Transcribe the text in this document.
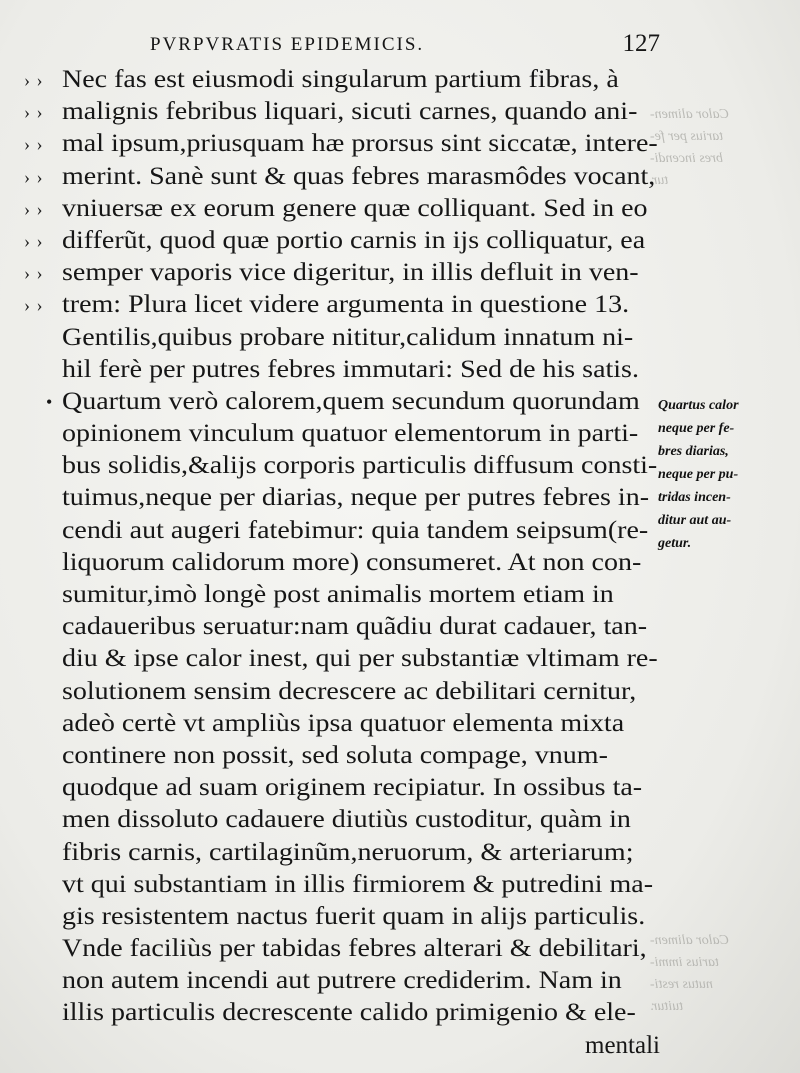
Calor alimen-
tarius per fe-
bres incendi-
tur.
Calor alimen-
tarius immi-
nutus resti-
tuitur.
PVRPVRATIS EPIDEMICIS.	127
› › Nec fas est eiusmodi singularum partium fibras, à
› › malignis febribus liquari, sicuti carnes, quando ani-
› › mal ipsum,priusquam hæ prorsus sint siccatæ, intere-
› › merint. Sanè sunt & quas febres marasmôdes vocant,
› › vniuersæ ex eorum genere quæ colliquant. Sed in eo
› › differũt, quod quæ portio carnis in ijs colliquatur, ea
› › semper vaporis vice digeritur, in illis defluit in ven-
› › trem: Plura licet videre argumenta in questione 13.
Gentilis,quibus probare nititur,calidum innatum ni-
hil ferè per putres febres immutari: Sed de his satis.
• Quartum verò calorem,quem secundum quorundam
opinionem vinculum quatuor elementorum in parti-
bus solidis,&alijs corporis particulis diffusum consti-
tuimus,neque per diarias, neque per putres febres in-
cendi aut augeri fatebimur: quia tandem seipsum(re-
liquorum calidorum more) consumeret. At non con-
sumitur,imò longè post animalis mortem etiam in
cadaueribus seruatur:nam quãdiu durat cadauer, tan-
diu & ipse calor inest, qui per substantiæ vltimam re-
solutionem sensim decrescere ac debilitari cernitur,
adeò certè vt ampliùs ipsa quatuor elementa mixta
continere non possit, sed soluta compage, vnum-
quodque ad suam originem recipiatur. In ossibus ta-
men dissoluto cadauere diutiùs custoditur, quàm in
fibris carnis, cartilaginũm,neruorum, & arteriarum;
vt qui substantiam in illis firmiorem & putredini ma-
gis resistentem nactus fuerit quam in alijs particulis.
Vnde faciliùs per tabidas febres alterari & debilitari,
non autem incendi aut putrere crediderim. Nam in
illis particulis decrescente calido primigenio & ele-
mentali
Quartus calor
neque per fe-
bres diarias,
neque per pu-
tridas incen-
ditur aut au-
getur.
